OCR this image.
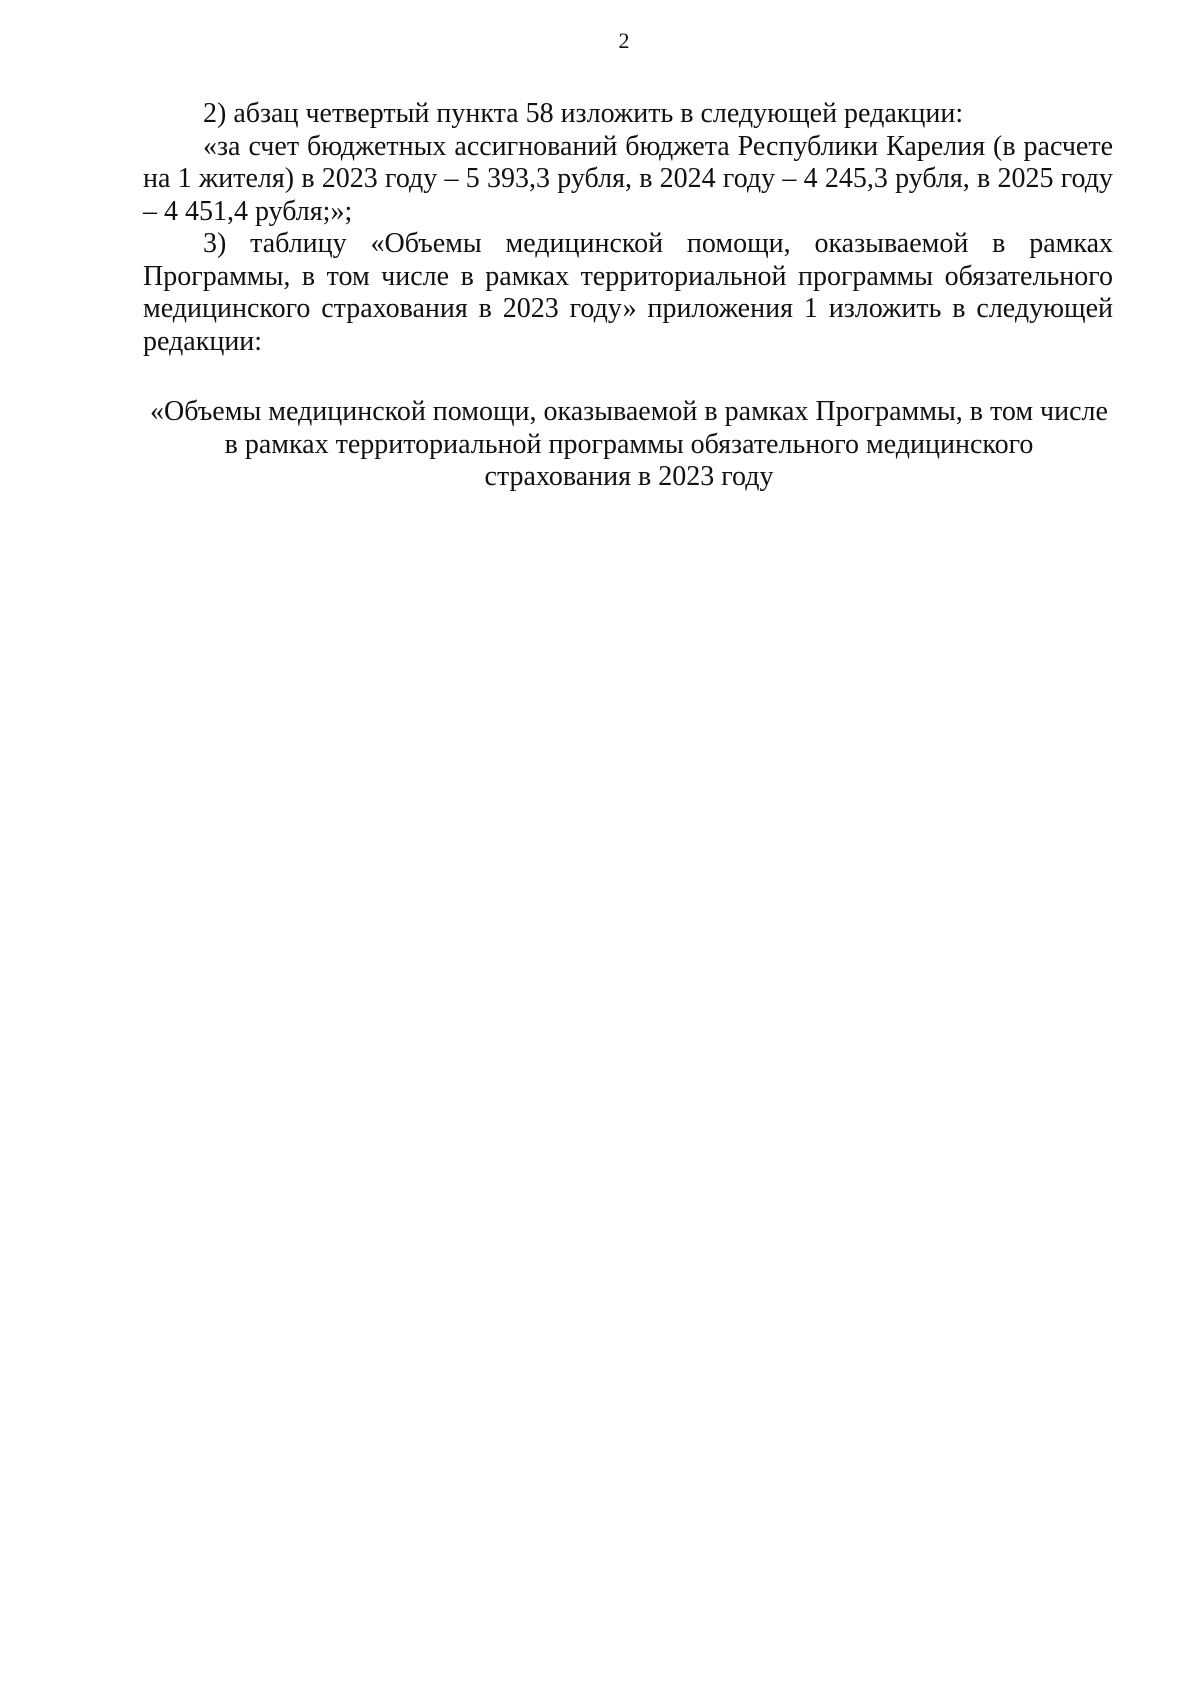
2

2) абзац четвертый пункта 58 изложить в следующей редакции:

«за счет бюджетных ассигнований бюджета Республики Карелия (в расчете на 1 жителя) в 2023 году – 5 393,3 рубля, в 2024 году – 4 245,3 рубля, в 2025 году – 4 451,4 рубля;»;

3) таблицу «Объемы медицинской помощи, оказываемой в рамках Программы, в том числе в рамках территориальной программы обязательного медицинского страхования в 2023 году» приложения 1 изложить в следующей редакции:

«Объемы медицинской помощи, оказываемой в рамках Программы, в том числе в рамках территориальной программы обязательного медицинского страхования в 2023 году
